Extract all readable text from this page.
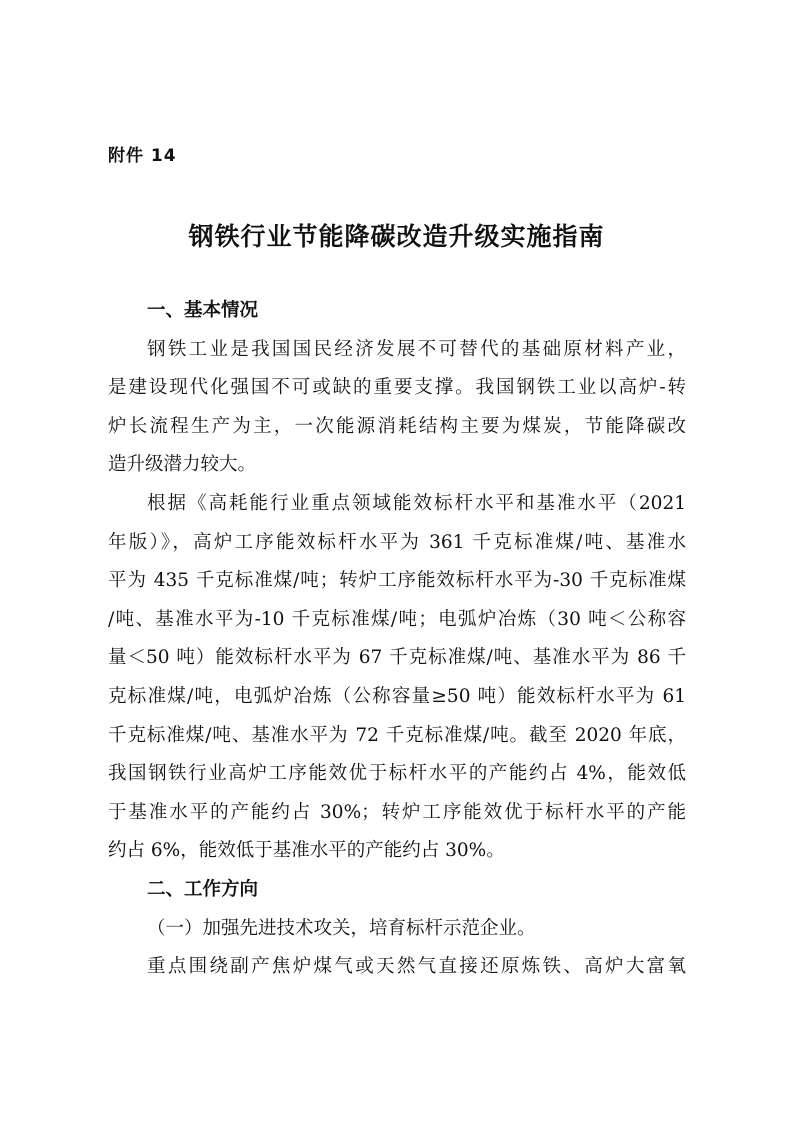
附件 14
钢铁行业节能降碳改造升级实施指南
一、基本情况
钢铁工业是我国国民经济发展不可替代的基础原材料产业，
是建设现代化强国不可或缺的重要支撑。我国钢铁工业以高炉-转
炉长流程生产为主，一次能源消耗结构主要为煤炭，节能降碳改
造升级潜力较大。
根据《高耗能行业重点领域能效标杆水平和基准水平（2021
年版）》，高炉工序能效标杆水平为 361 千克标准煤/吨、基准水
平为 435 千克标准煤/吨；转炉工序能效标杆水平为-30 千克标准煤
/吨、基准水平为-10 千克标准煤/吨；电弧炉冶炼（30 吨＜公称容
量＜50 吨）能效标杆水平为 67 千克标准煤/吨、基准水平为 86 千
克标准煤/吨，电弧炉冶炼（公称容量≥50 吨）能效标杆水平为 61
千克标准煤/吨、基准水平为 72 千克标准煤/吨。截至 2020 年底，
我国钢铁行业高炉工序能效优于标杆水平的产能约占 4%，能效低
于基准水平的产能约占 30%；转炉工序能效优于标杆水平的产能
约占 6%，能效低于基准水平的产能约占 30%。
二、工作方向
（一）加强先进技术攻关，培育标杆示范企业。
重点围绕副产焦炉煤气或天然气直接还原炼铁、高炉大富氧
